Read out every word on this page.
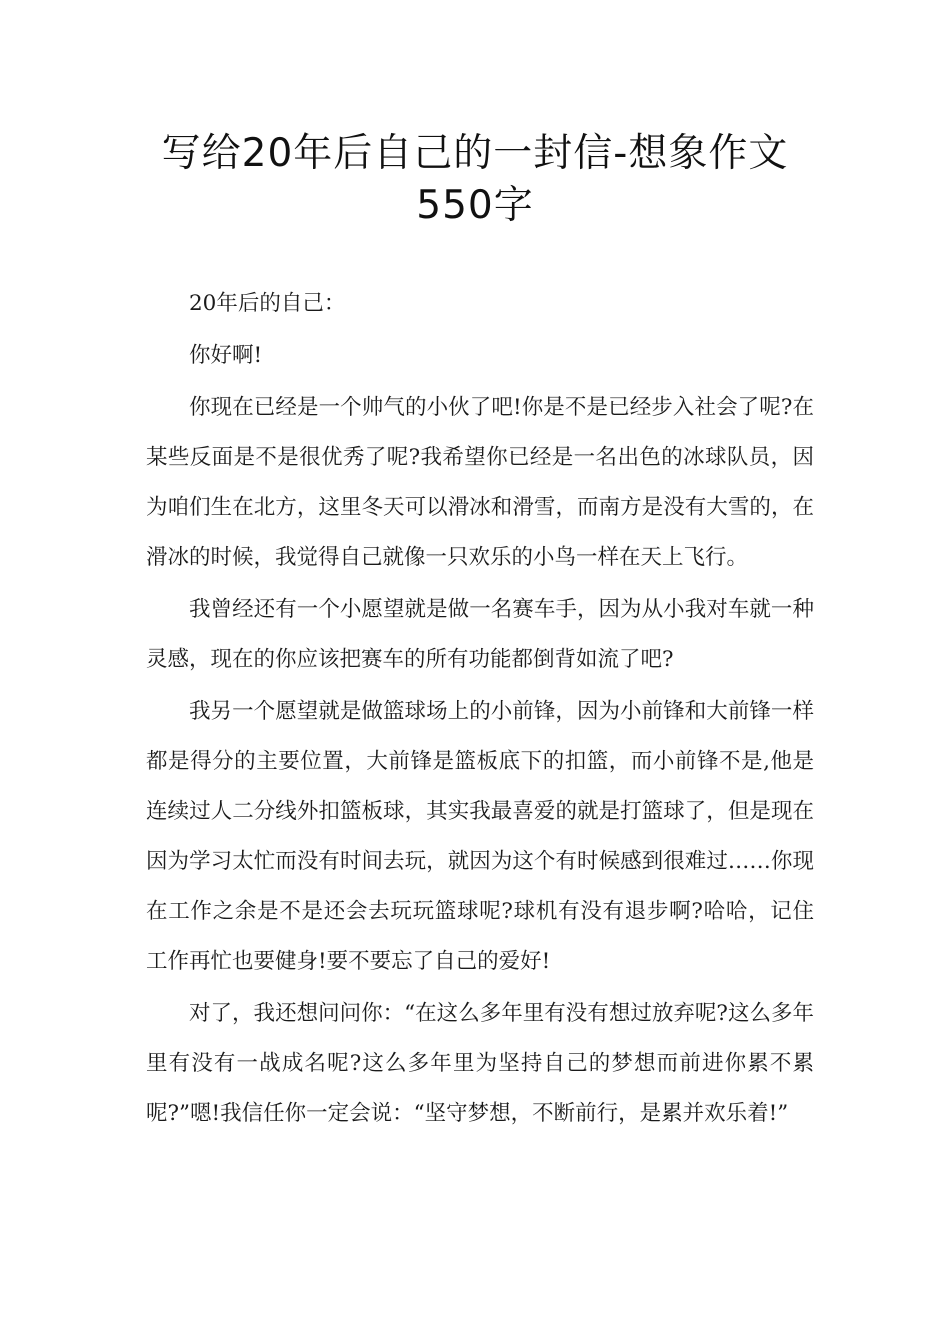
写给20年后自己的一封信-想象作文
550字

20年后的自己：

你好啊!

你现在已经是一个帅气的小伙了吧!你是不是已经步入社会了呢?在某些反面是不是很优秀了呢?我希望你已经是一名出色的冰球队员，因为咱们生在北方，这里冬天可以滑冰和滑雪，而南方是没有大雪的，在滑冰的时候，我觉得自己就像一只欢乐的小鸟一样在天上飞行。

我曾经还有一个小愿望就是做一名赛车手，因为从小我对车就一种灵感，现在的你应该把赛车的所有功能都倒背如流了吧?

我另一个愿望就是做篮球场上的小前锋，因为小前锋和大前锋一样都是得分的主要位置，大前锋是篮板底下的扣篮，而小前锋不是,他是连续过人二分线外扣篮板球，其实我最喜爱的就是打篮球了，但是现在因为学习太忙而没有时间去玩，就因为这个有时候感到很难过……你现在工作之余是不是还会去玩玩篮球呢?球机有没有退步啊?哈哈，记住工作再忙也要健身!要不要忘了自己的爱好!

对了，我还想问问你：“在这么多年里有没有想过放弃呢?这么多年里有没有一战成名呢?这么多年里为坚持自己的梦想而前进你累不累呢?”嗯!我信任你一定会说：“坚守梦想，不断前行，是累并欢乐着!”
